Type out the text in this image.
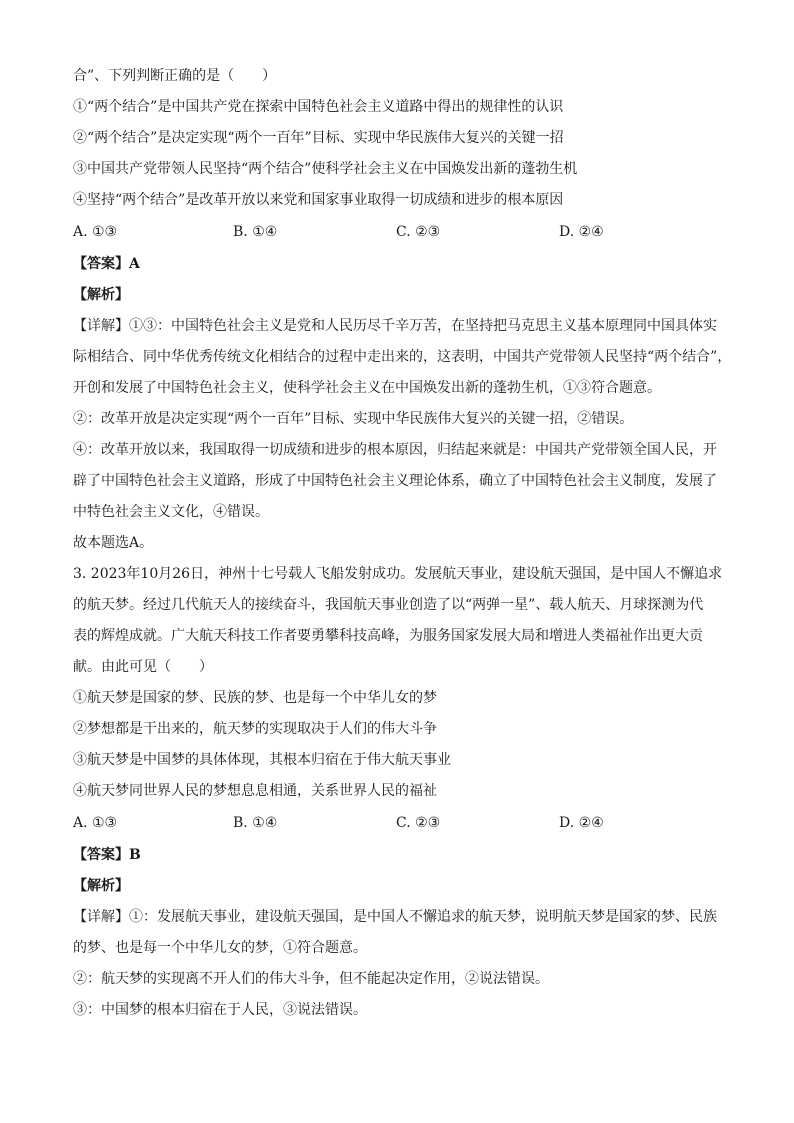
合”、下列判断正确的是（　　）
①“两个结合”是中国共产党在探索中国特色社会主义道路中得出的规律性的认识
②“两个结合”是决定实现“两个一百年”目标、实现中华民族伟大复兴的关键一招
③中国共产党带领人民坚持“两个结合”使科学社会主义在中国焕发出新的蓬勃生机
④坚持“两个结合”是改革开放以来党和国家事业取得一切成绩和进步的根本原因
A. ①③	B. ①④	C. ②③	D. ②④
【答案】A
【解析】
【详解】①③：中国特色社会主义是党和人民历尽千辛万苦，在坚持把马克思主义基本原理同中国具体实
际相结合、同中华优秀传统文化相结合的过程中走出来的，这表明，中国共产党带领人民坚持“两个结合”，
开创和发展了中国特色社会主义，使科学社会主义在中国焕发出新的蓬勃生机，①③符合题意。
②：改革开放是决定实现“两个一百年”目标、实现中华民族伟大复兴的关键一招，②错误。
④：改革开放以来，我国取得一切成绩和进步的根本原因，归结起来就是：中国共产党带领全国人民，开
辟了中国特色社会主义道路，形成了中国特色社会主义理论体系，确立了中国特色社会主义制度，发展了
中特色社会主义文化，④错误。
故本题选A。
3. 2023年10月26日，神州十七号载人飞船发射成功。发展航天事业，建设航天强国，是中国人不懈追求
的航天梦。经过几代航天人的接续奋斗，我国航天事业创造了以“两弹一星”、载人航天、月球探测为代
表的辉煌成就。广大航天科技工作者要勇攀科技高峰，为服务国家发展大局和增进人类福祉作出更大贡
献。由此可见（　　）
①航天梦是国家的梦、民族的梦、也是每一个中华儿女的梦
②梦想都是干出来的，航天梦的实现取决于人们的伟大斗争
③航天梦是中国梦的具体体现，其根本归宿在于伟大航天事业
④航天梦同世界人民的梦想息息相通，关系世界人民的福祉
A. ①③	B. ①④	C. ②③	D. ②④
【答案】B
【解析】
【详解】①：发展航天事业，建设航天强国，是中国人不懈追求的航天梦，说明航天梦是国家的梦、民族
的梦、也是每一个中华儿女的梦，①符合题意。
②：航天梦的实现离不开人们的伟大斗争，但不能起决定作用，②说法错误。
③：中国梦的根本归宿在于人民，③说法错误。
